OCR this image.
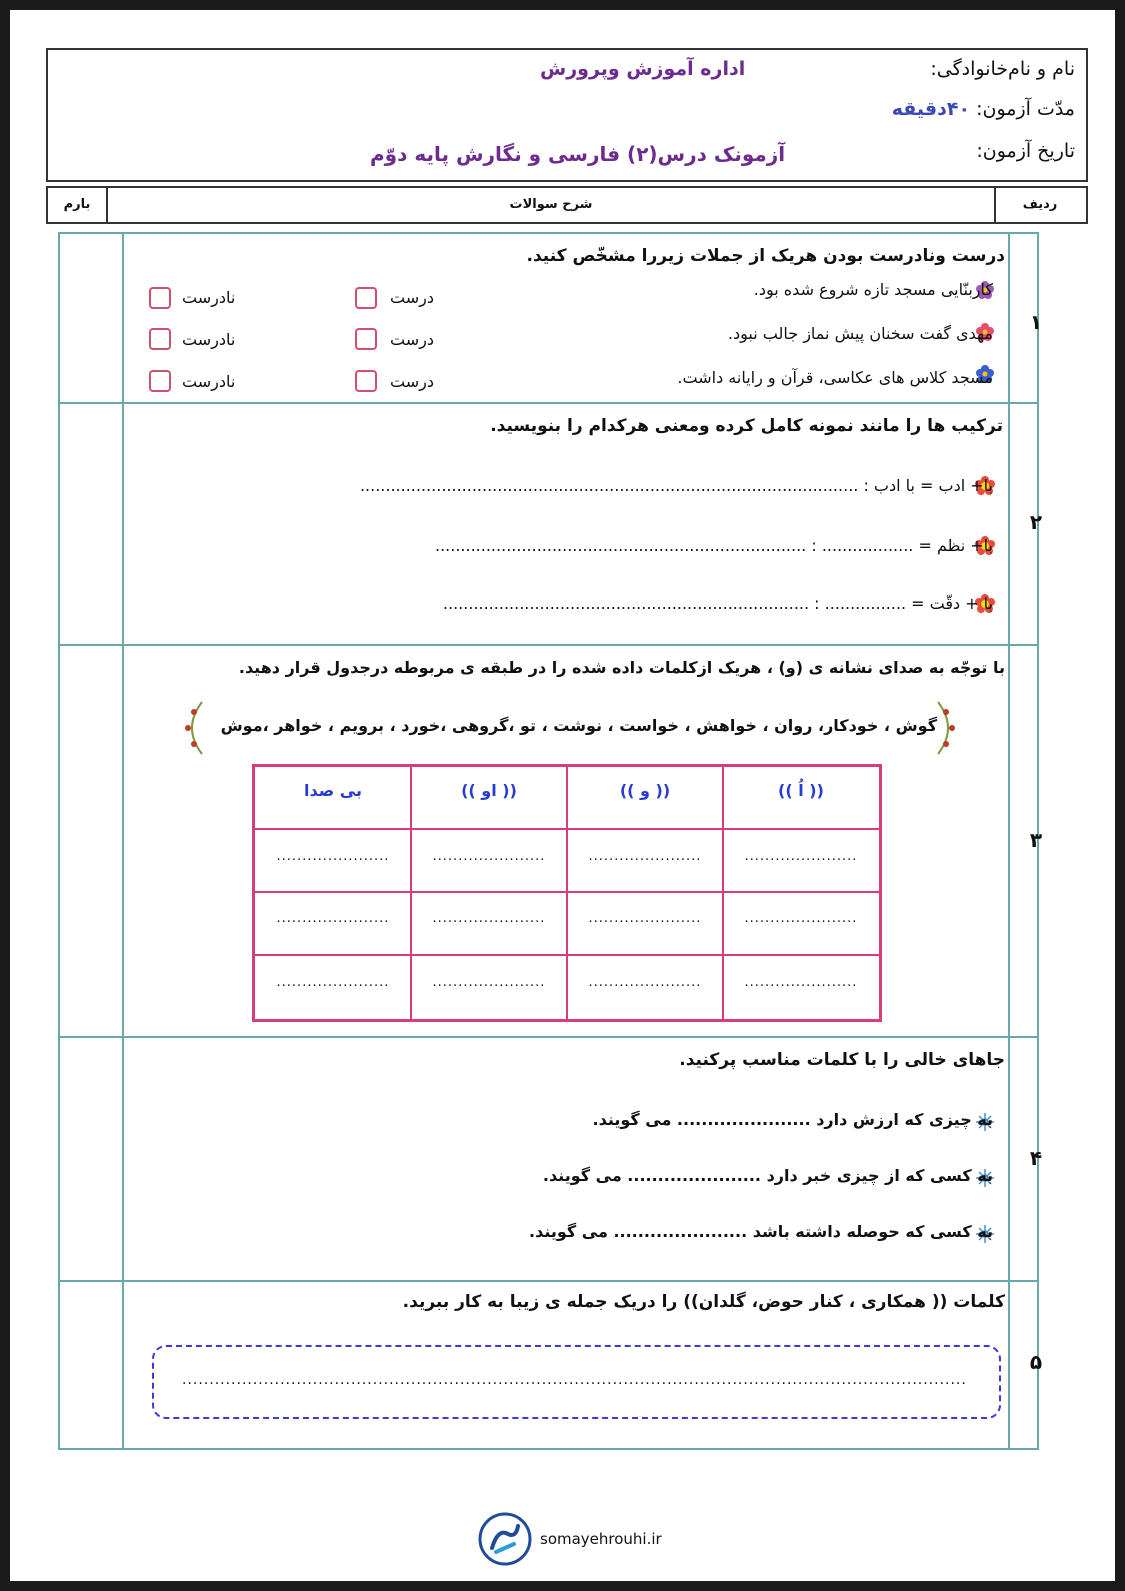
نام و نام‌خانوادگی:
مدّت آزمون: ۴۰دقیقه
تاریخ آزمون:
اداره آموزش وپرورش
آزمونک درس(۲) فارسی و نگارش پایه دوّم
بارم	شرح سوالات	ردیف
۱
درست ونادرست بودن هریک از جملات زیررا مشخّص کنید.
کاربنّایی مسجد تازه شروع شده بود.
درست
نادرست
مهدی گفت سخنان پیش نماز جالب نبود.
درست
نادرست
مسجد کلاس های عکاسی، قرآن و رایانه داشت.
درست
نادرست
۲
ترکیب ها را مانند نمونه کامل کرده ومعنی هرکدام را بنویسید.
با+ ادب = با ادب : ..................................................................................................
با+ نظم = .................. : .........................................................................
با + دقّت = ................ : ........................................................................
۳
با توجّه به صدای نشانه ی (و) ، هریک ازکلمات داده شده را در طبقه ی مربوطه درجدول قرار دهید.
گوش ، خودکار، روان ، خواهش ، خواست ، نوشت ، تو ،گروهی ،خورد ، برویم ، خواهر ،موش
(( اُ ))
(( و ))
(( او ))
بی صدا
......................
......................
......................
......................
......................
......................
......................
......................
......................
......................
......................
......................
۴
جاهای خالی را با کلمات مناسب پرکنید.
به چیزی که ارزش دارد ...................... می گویند.
به کسی که از چیزی خبر دارد ...................... می گویند.
به کسی که حوصله داشته باشد ...................... می گویند.
۵
کلمات (( همکاری ، کنار حوض، گلدان)) را دریک جمله ی زیبا به کار ببرید.
................................................................................................................................................
somayehrouhi.ir
